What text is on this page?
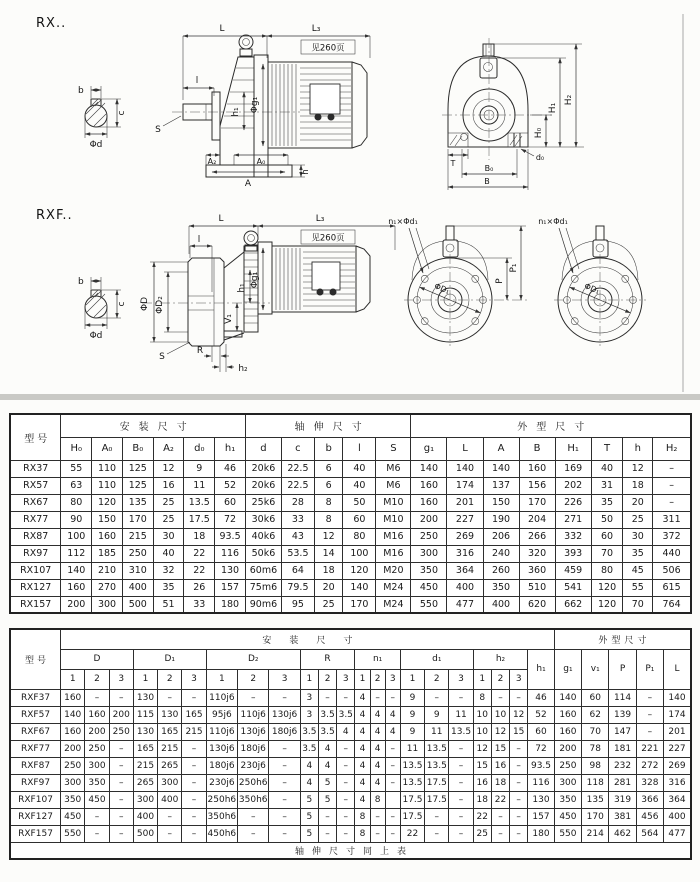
RX..
b
c
Φd
L	L₃
见260页
l
S
h₁ Φg₁
h
A₂	A₀
A
H₀
H₁
H₂
T
d₀
B₀
B
RXF..
b
c
Φd
ΦD ΦD₂
L	L₃
见260页
l
Φg₁
h₁
V₁
R
h₂
S
ΦD₁
n₁×Φd₁
P
P₁
ΦD₁
n₁×Φd₁
型号	安装尺寸						轴伸尺寸					外型尺寸							
	H₀	A₀	B₀	A₂	d₀	h₁	d	c	b	l	S	g₁	L	A	B	H₁	T	h	H₂
RX37	55	110	125	12	9	46	20k6	22.5	6	40	M6	140	140	140	160	169	40	12	–
RX57	63	110	125	16	11	52	20k6	22.5	6	40	M6	160	174	137	156	202	31	18	–
RX67	80	120	135	25	13.5	60	25k6	28	8	50	M10	160	201	150	170	226	35	20	–
RX77	90	150	170	25	17.5	72	30k6	33	8	60	M10	200	227	190	204	271	50	25	311
RX87	100	160	215	30	18	93.5	40k6	43	12	80	M16	250	269	206	266	332	60	30	372
RX97	112	185	250	40	22	116	50k6	53.5	14	100	M16	300	316	240	320	393	70	35	440
RX107	140	210	310	32	22	130	60m6	64	18	120	M20	350	364	260	360	459	80	45	506
RX127	160	270	400	35	26	157	75m6	79.5	20	140	M24	450	400	350	510	541	120	55	615
RX157	200	300	500	51	33	180	90m6	95	25	170	M24	550	477	400	620	662	120	70	764
型号	安装尺寸																						外型尺寸				
	D			D₁			D₂			R			n₁			d₁			h₂			h₁	g₁	v₁	P	P₁	L
	1	2	3	1	2	3	1	2	3	1	2	3	1	2	3	1	2	3	1	2	3						
RXF37	160	–	–	130	–	–	110j6	–	–	3	–	–	4	–	–	9	–	–	8	–	–	46	140	60	114	–	140
RXF57	140	160	200	115	130	165	95j6	110j6	130j6	3	3.5	3.5	4	4	4	9	9	11	10	10	12	52	160	62	139	–	174
RXF67	160	200	250	130	165	215	110j6	130j6	180j6	3.5	3.5	4	4	4	4	9	11	13.5	10	12	15	60	160	70	147	–	201
RXF77	200	250	–	165	215	–	130j6	180j6	–	3.5	4	–	4	4	–	11	13.5	–	12	15	–	72	200	78	181	221	227
RXF87	250	300	–	215	265	–	180j6	230j6	–	4	4	–	4	4	–	13.5	13.5	–	15	16	–	93.5	250	98	232	272	269
RXF97	300	350	–	265	300	–	230j6	250h6	–	4	5	–	4	4	–	13.5	17.5	–	16	18	–	116	300	118	281	328	316
RXF107	350	450	–	300	400	–	250h6	350h6	–	5	5	–	4	8		17.5	17.5	–	18	22	–	130	350	135	319	366	364
RXF127	450	–	–	400	–	–	350h6	–	–	5	–	–	8	–	–	17.5	–	–	22	–	–	157	450	170	381	456	400
RXF157	550	–	–	500	–	–	450h6	–	–	5	–	–	8	–	–	22	–	–	25	–	–	180	550	214	462	564	477
轴伸尺寸同上表																											
